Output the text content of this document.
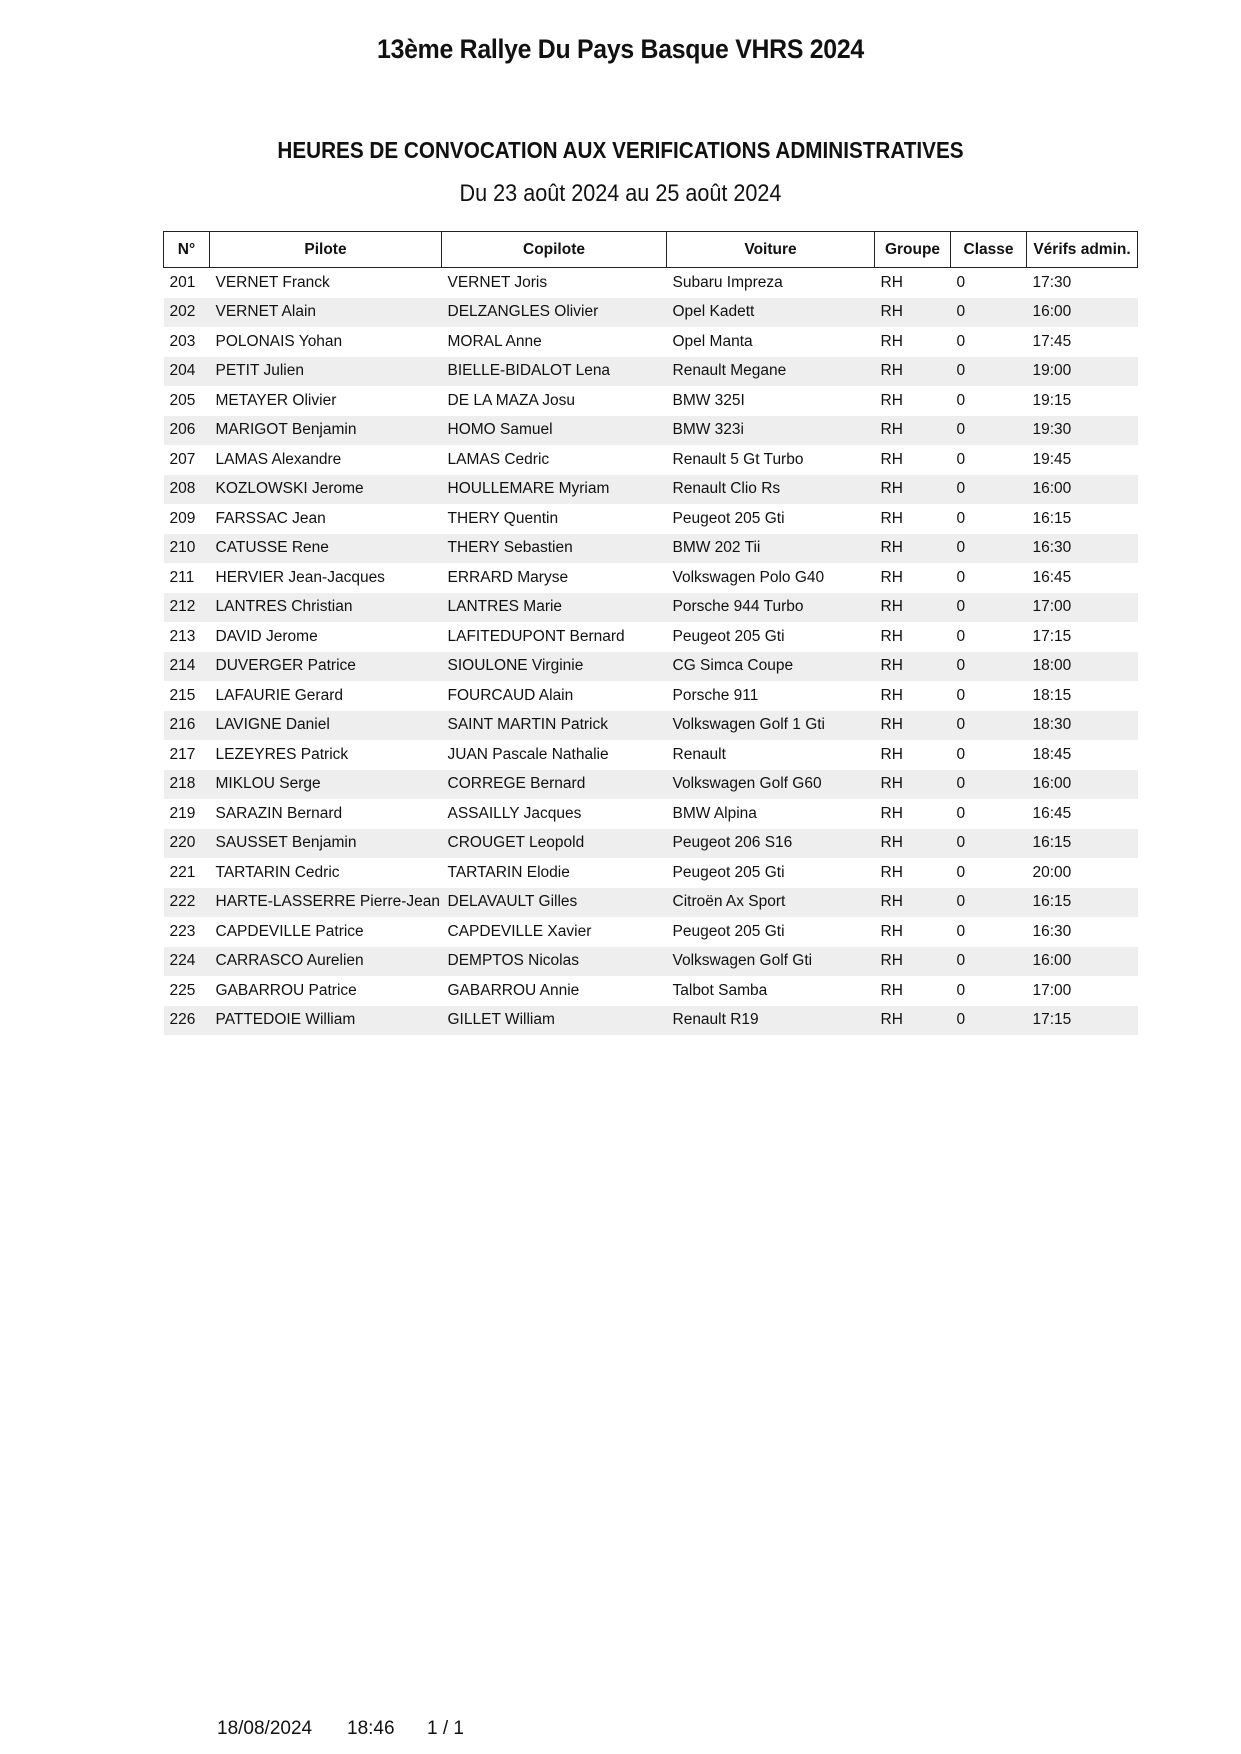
13ème Rallye Du Pays Basque VHRS 2024
HEURES DE CONVOCATION AUX VERIFICATIONS ADMINISTRATIVES
Du 23 août 2024 au 25 août 2024
N°	Pilote	Copilote	Voiture	Groupe	Classe	Vérifs admin.
201	VERNET Franck	VERNET Joris	Subaru Impreza	RH	0	17:30
202	VERNET Alain	DELZANGLES Olivier	Opel Kadett	RH	0	16:00
203	POLONAIS Yohan	MORAL Anne	Opel Manta	RH	0	17:45
204	PETIT Julien	BIELLE-BIDALOT Lena	Renault Megane	RH	0	19:00
205	METAYER Olivier	DE LA MAZA Josu	BMW 325I	RH	0	19:15
206	MARIGOT Benjamin	HOMO Samuel	BMW 323i	RH	0	19:30
207	LAMAS Alexandre	LAMAS Cedric	Renault 5 Gt Turbo	RH	0	19:45
208	KOZLOWSKI Jerome	HOULLEMARE Myriam	Renault Clio Rs	RH	0	16:00
209	FARSSAC Jean	THERY Quentin	Peugeot 205 Gti	RH	0	16:15
210	CATUSSE Rene	THERY Sebastien	BMW 202 Tii	RH	0	16:30
211	HERVIER Jean-Jacques	ERRARD Maryse	Volkswagen Polo G40	RH	0	16:45
212	LANTRES Christian	LANTRES Marie	Porsche 944 Turbo	RH	0	17:00
213	DAVID Jerome	LAFITEDUPONT Bernard	Peugeot 205 Gti	RH	0	17:15
214	DUVERGER Patrice	SIOULONE Virginie	CG Simca Coupe	RH	0	18:00
215	LAFAURIE Gerard	FOURCAUD Alain	Porsche 911	RH	0	18:15
216	LAVIGNE Daniel	SAINT MARTIN Patrick	Volkswagen Golf 1 Gti	RH	0	18:30
217	LEZEYRES Patrick	JUAN Pascale Nathalie	Renault	RH	0	18:45
218	MIKLOU Serge	CORREGE Bernard	Volkswagen Golf G60	RH	0	16:00
219	SARAZIN Bernard	ASSAILLY Jacques	BMW Alpina	RH	0	16:45
220	SAUSSET Benjamin	CROUGET Leopold	Peugeot 206 S16	RH	0	16:15
221	TARTARIN Cedric	TARTARIN Elodie	Peugeot 205 Gti	RH	0	20:00
222	HARTE-LASSERRE Pierre-Jean	DELAVAULT Gilles	Citroën Ax Sport	RH	0	16:15
223	CAPDEVILLE Patrice	CAPDEVILLE Xavier	Peugeot 205 Gti	RH	0	16:30
224	CARRASCO Aurelien	DEMPTOS Nicolas	Volkswagen Golf Gti	RH	0	16:00
225	GABARROU Patrice	GABARROU Annie	Talbot Samba	RH	0	17:00
226	PATTEDOIE William	GILLET William	Renault R19	RH	0	17:15
18/08/2024 18:46 1 / 1
